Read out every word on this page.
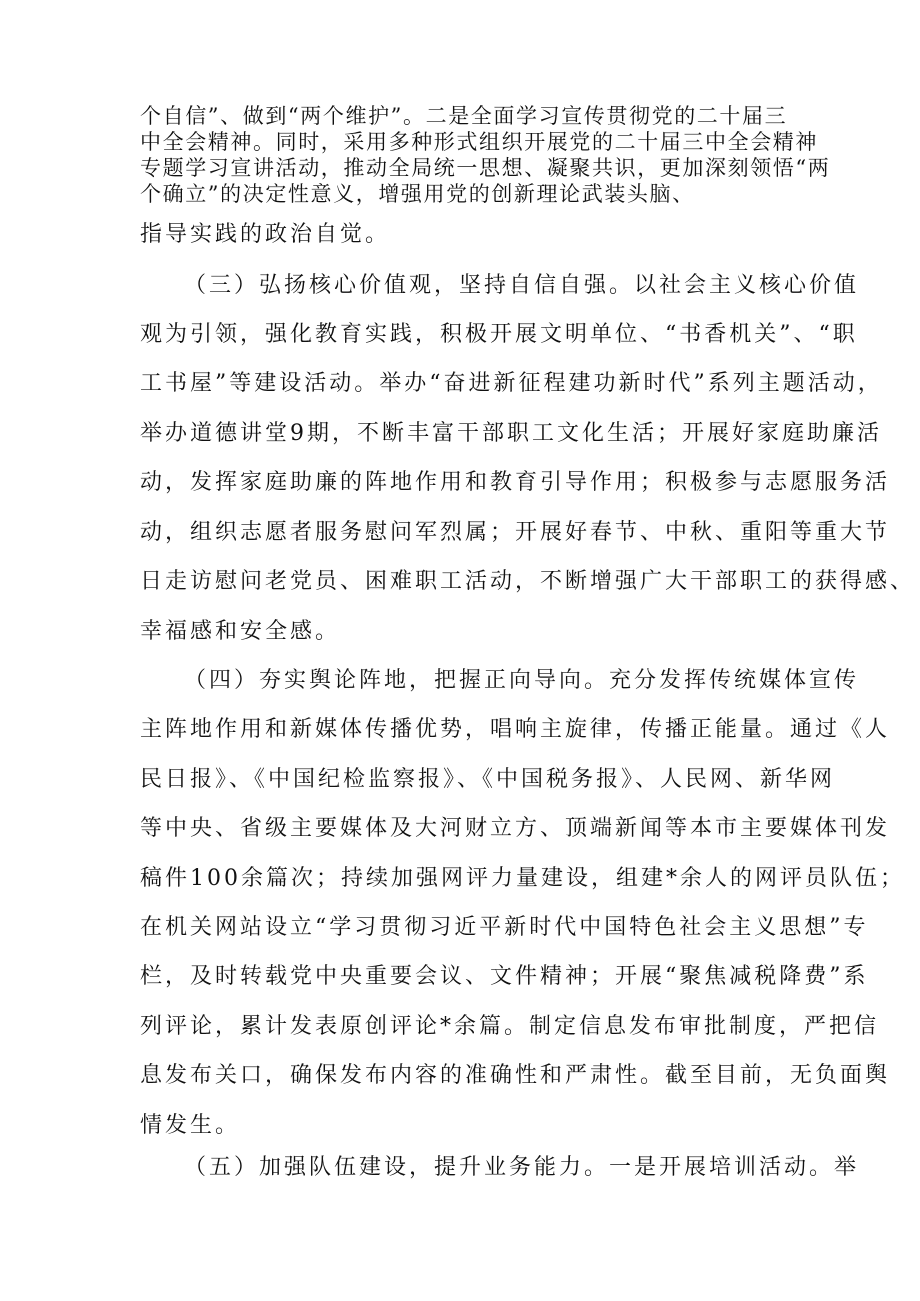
个自信”、做到“两个维护”。二是全面学习宣传贯彻党的二十届三

中全会精神。同时，采用多种形式组织开展党的二十届三中全会精神

专题学习宣讲活动，推动全局统一思想、凝聚共识，更加深刻领悟“两

个确立”的决定性意义，增强用党的创新理论武装头脑、

指导实践的政治自觉。

（三）弘扬核心价值观，坚持自信自强。以社会主义核心价值

观为引领，强化教育实践，积极开展文明单位、“书香机关”、“职

工书屋”等建设活动。举办“奋进新征程建功新时代”系列主题活动，

举办道德讲堂9期，不断丰富干部职工文化生活；开展好家庭助廉活

动，发挥家庭助廉的阵地作用和教育引导作用；积极参与志愿服务活

动，组织志愿者服务慰问军烈属；开展好春节、中秋、重阳等重大节

日走访慰问老党员、困难职工活动，不断增强广大干部职工的获得感、

幸福感和安全感。

（四）夯实舆论阵地，把握正向导向。充分发挥传统媒体宣传

主阵地作用和新媒体传播优势，唱响主旋律，传播正能量。通过《人

民日报》、《中国纪检监察报》、《中国税务报》、人民网、新华网

等中央、省级主要媒体及大河财立方、顶端新闻等本市主要媒体刊发

稿件100余篇次；持续加强网评力量建设，组建*余人的网评员队伍；

在机关网站设立“学习贯彻习近平新时代中国特色社会主义思想”专

栏，及时转载党中央重要会议、文件精神；开展“聚焦减税降费”系

列评论，累计发表原创评论*余篇。制定信息发布审批制度，严把信

息发布关口，确保发布内容的准确性和严肃性。截至目前，无负面舆

情发生。

（五）加强队伍建设，提升业务能力。一是开展培训活动。举
